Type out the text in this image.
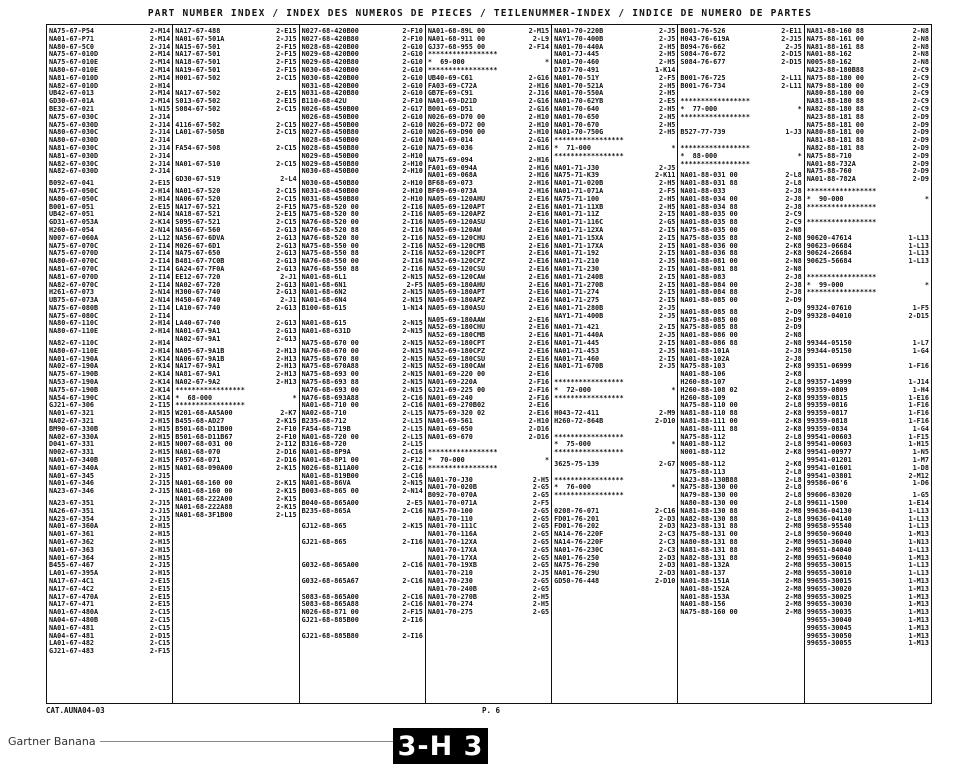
PART NUMBER INDEX / INDEX DES NUMEROS DE PIECES / TEILENUMMER-INDEX / INDICE DE NUMERO DE PARTES
NA75-67-P54	2-M14
NA01-67-P71	2-M14
NA80-67-5C0	2-J14
NA75-67-010D	2-M14
NA75-67-010E	2-M14
NA80-67-010E	2-M14
NA81-67-010D	2-M14
NA82-67-010D	2-H14
UB42-67-013	2-M14
GD30-67-01A	2-M14
BE32-67-021	1-N15
NA75-67-030C	2-J14
NA75-67-030D	2-J14
NA80-67-030C	2-J14
NA80-67-030D	2-J14
NA81-67-030C	2-J14
NA81-67-030D	2-J14
NA82-67-030C	2-J14
NA82-67-030D	2-J14
B092-67-041	2-E15
NA75-67-050C	2-H14
NA80-67-050C	2-H14
B001-67-051	2-E15
UB42-67-051	2-N14
GD31-67-053A	2-K14
H260-67-054	2-N14
N007-67-060A	2-L12
NA75-67-070C	2-I14
NA75-67-070D	2-I14
NA80-67-070C	2-I14
NA81-67-070C	2-I14
NA81-67-070D	2-I14
NA82-67-070C	2-I14
H261-67-073	2-N14
UB75-67-073A	2-N14
NA75-67-080B	2-I14
NA75-67-080C	2-I14
NA80-67-110C	2-H14
NA80-67-110E	2-H14
NA82-67-110C	2-H14
NA80-67-110E	2-H14
NA01-67-190A	2-K14
NA02-67-190A	2-K14
NA75-67-190B	2-K14
NA53-67-190A	2-K14
NA75-67-190B	2-K14
NA54-67-190C	2-K14
GJ21-67-306	2-I15
NA01-67-321	2-H15
NA02-67-321	2-H15
BM90-67-330B	2-H15
NA02-67-330A	2-H15
D041-67-331	2-H15
N002-67-331	2-H15
NA01-67-340B	2-H15
NA01-67-340A	2-H15
NA01-67-345	2-J15
NA01-67-346	2-J15
NA23-67-346	2-J15
NA23-67-351	2-J15
NA26-67-351	2-J15
NA23-67-354	2-J15
NA01-67-360A	2-H15
NA01-67-361	2-H15
NA01-67-362	2-H15
NA01-67-363	2-H15
NA01-67-364	2-H15
B455-67-467	2-J15
LA01-67-395A	2-H15
NA17-67-4C1	2-E15
NA17-67-4C2	2-E15
NA17-67-470A	2-E15
NA17-67-471	2-E15
NA01-67-480A	2-C15
NA04-67-480B	2-C15
NA01-67-481	2-C15
NA04-67-481	2-D15
LA01-67-482	2-C15
GJ21-67-483	2-F15
NA17-67-488	2-E15
NA01-67-501A	2-J15
NA15-67-501	2-F15
NA17-67-501	2-F15
NA18-67-501	2-F15
NA19-67-501	2-F15
H001-67-502	2-C15

NA17-67-502	2-E15
S013-67-502	2-E15
S084-67-502	2-C15

4116-67-502	2-C15
LA01-67-505B	2-C15

FA54-67-508	2-C15

NA01-67-510	2-C15

GD30-67-519	2-L4
NA01-67-520	2-C15
NA06-67-520	2-C15
NA17-67-521	2-F15
NA18-67-521	2-E15
S095-67-521	2-C15
NA56-67-560	2-G13
NA56-67-6DVA	2-G13
M026-67-6D1	2-G13
NA75-67-650	2-G13
B481-67-7C0B	2-G13
GA24-67-7F0A	2-G13
EE12-67-720	2-J1
NA02-67-720	2-G13
H300-67-740	2-G13
H450-67-740	2-J1
LA10-67-740	2-G13

LA40-67-740	2-G13
NA01-67-9A1	2-G13
NA02-67-9A1	2-G13
NA05-67-9A1B	2-H13
NA06-67-9A1B	2-H13
NA17-67-9A1	2-H13
NA81-67-9A1	2-H13
NA02-67-9A2	2-H13
*****************
*  68-000	*
*****************
W201-68-AA5A00	2-K7
B455-68-AD27	2-K15
B501-68-D11B00	2-F10
B501-68-D11B67	2-F10
N007-68-031 00	2-I12
NA01-68-070	2-D16
F057-68-071	2-D16
NA01-68-090A00	2-K15

NA01-68-160 00	2-K15
NA01-68-160 00	2-K15
NA01-68-222A00	2-K15
NA01-68-222A88	2-K15
NA01-68-3F1B00	2-L15
N027-68-420B00	2-F10
N027-68-420B80	2-F10
N028-68-420B00	2-G10
N029-68-420B00	2-G10
N029-68-420B80	2-G10
N030-68-420B00	2-G10
N030-68-420B00	2-G10
N031-68-420B00	2-G10
N031-68-420B80	2-G10
B110-68-42U	2-F10
N026-68-450B00	2-G17
N026-68-450B00	2-G10
N027-68-450B00	2-G10
N027-68-450B80	2-G10
N028-68-450B00	2-G10
N028-68-450B80	2-G10
N029-68-450B00	2-H10
N029-68-450B80	2-H10
N030-68-450B00	2-H10
N030-68-450B80	2-H10
N031-68-450B00	2-H10
N031-68-450B80	2-H10
NA75-68-520 00	2-I16
NA75-68-520 80	2-I16
NA76-68-520 00	2-I16
NA76-68-520 88	2-I16
NA76-68-520 80	2-I16
NA75-68-550 00	2-I16
NA75-68-550 88	2-I16
NA76-68-550 00	2-I16
NA76-68-550 88	2-I16
NA01-68-6L1	2-N15
NA01-68-6N1	2-F5
NA01-68-6N2	2-N15
NA01-68-6N4	2-N15
B100-68-615	1-N14

NA01-68-615	2-N15
NA01-68-631D	2-N15
NA75-68-670 00	2-N15
NA76-68-670 00	2-N15
NA75-68-670 80	2-N15
NA75-68-670A88	2-N15
NA75-68-693 00	2-N15
NA75-68-693 88	2-N15
NA76-68-693 00	2-N15
NA76-68-693A88	2-C16
NA01-68-710 00	2-C16
NA02-68-710	2-L15
B235-68-712	2-L15
FA54-68-719B	2-L15
NA01-68-720 00	2-L15
B316-68-720	2-L15
NA01-68-8P9A	2-C16
NA01-68-8P1 00	2-F12
N026-68-811A00	2-C16
NA01-68-819B00	2-C16
NA01-68-86VA	2-N15
B003-68-865 00	2-N14
B040-68-865A00	2-E5
B235-68-865A	2-C16

GJ12-68-865	2-K15

GJ21-68-865	2-I16

G032-68-865A00	2-C16

G032-68-865A67	2-C16

S083-68-865A00	2-C16
S083-68-865A88	2-C16
N026-68-871 00	2-F15
GJ21-68-885B00	2-I16

GJ21-68-885B80	2-I16

NA01-68-89L 00	2-M15
NA01-68-911 00	2-L9
GJ37-68-955 00	2-F14
*****************
*  69-000	*
*****************
UB40-69-C61	2-G16
FA03-69-C72A	2-H16
GB7E-69-C91	2-J16
NA01-69-D21D	2-G16
B001-69-D51	2-G16
N026-69-D70 00	2-H10
N026-69-D72 00	2-H10
N026-69-D90 00	2-H10
NA01-69-014	2-G16
NA75-69-036	2-H16
NA75-69-094	2-H16
FA01-69-094A	2-H16
NA01-69-068A	2-H16
BF68-69-073	2-H16
BF69-69-073A	2-H16
NA05-69-120AHU	2-E16
NA05-69-120APT	2-E16
NA05-69-120APZ	2-E16
NA05-69-120ASU	2-E16
NA05-69-120AW	2-E16
NA52-69-120CHU	2-E16
NA52-69-120CMB	2-E16
NA52-69-120CPT	2-E16
NA52-69-120CPZ	2-E16
NA52-69-120CSU	2-E16
NA52-69-120CAW	2-E16
NA05-69-180AHU	2-E16
NA05-69-180APT	2-E16
NA05-69-180APZ	2-E16
NA05-69-180ASU	2-E16
NA05-69-180AAW	2-E16
NA52-69-180CHU	2-E16
NA52-69-180CMB	2-E16
NA52-69-180CPT	2-E16
NA52-69-180CPZ	2-E16
NA52-69-180CSU	2-E16
NA52-69-180CAW	2-E16
NA01-69-220 00	2-E16
NA01-69-220A	2-F16
GJ21-69-225 00	2-F16
NA01-69-240	2-F16
NA01-69-270B02	2-E16
NA75-69-320 02	2-E16
NA01-69-561	2-H10
NA01-69-650	2-D16
NA01-69-670	2-D16

*****************
*  70-000	*
*****************
NA01-70-J30	2-H5
NA01-70-020B	2-G5
B092-70-070A	2-G5
NA01-70-071A	2-F5
NA75-70-100	2-G5
NA01-70-110	2-G5
NA01-70-111C	2-G5
NA01-70-116A	2-G5
NA01-70-12XA	2-G5
NA01-70-17XA	2-G5
NA01-70-17XA	2-G5
NA01-70-19XB	2-G5
NA01-70-210	2-J5
NA01-70-230	2-G5
NA01-70-240B	2-G5
NA01-70-270B	2-H5
NA01-70-274	2-H5
NA01-70-275	2-G5
NA01-70-220B	2-J5
NAY1-70-400B	2-J5
NA01-70-440A	2-H5
NA01-7J-445	2-H5
NA01-70-460	2-H5
D187-70-491	1-K14
NA01-70-51Y	2-F5
NA01-70-521A	2-H5
NA01-70-550A	2-H5
NA01-70-62YB	2-E5
NA01-70-640	2-H5
NA01-70-650	2-H5
NA01-70-670	2-H5
NA01-70-750G	2-H5
*****************
*  71-000	*
*****************
NA01-71-J30	2-J5
NA75-71-K39	2-K11
NA01-71-020B	2-H5
NA01-71-071A	2-F5
NA75-71-100	2-H5
NA01-71-11XB	2-H5
NA01-71-11Z	2-I5
NA01-71-116C	2-G5
NA01-71-12XA	2-I5
NA01-71-15XA	2-I5
NA01-71-17XA	2-I5
NA01-71-192	2-I5
NA01-71-210	2-J5
NA01-71-230	2-I5
NA01-71-240B	2-I5
NA01-71-270B	2-I5
NA01-71-274	2-I5
NA01-71-275	2-I5
NA01-71-280B	2-J5
NAY1-71-400B	2-J5
NA01-71-421	2-I5
NA01-71-440A	2-J5
NA01-71-445	2-I5
NA01-71-453	2-J5
NA01-71-460	2-I5
NA01-71-670B	2-J5

*****************
*  72-000	*
*****************

H043-72-411	2-M9
H260-72-864B	2-D10

*****************
*  75-000	*
*****************
3625-75-139	2-G7

*****************
*  76-000	*
*****************

0208-76-071	2-C16
FD01-76-201	2-D3
FD01-76-202	2-D3
NA14-76-220F	2-C3
NA14-76-220F	2-C3
NA01-76-230C	2-C3
NA01-76-250	2-D3
NA75-76-290	2-D3
NA01-76-29U	2-D3
GD50-76-448	2-D10
B001-76-526	2-E11
H043-76-619A	2-J15
B094-76-662	2-J5
S084-76-672	2-D15
S084-76-677	2-D15

B001-76-725	2-L11
B001-76-734	2-L11

*****************
*  77-000	*
*****************

B527-77-739	1-J3

*****************
*  88-000	*
*****************
NA01-88-031 00	2-L8
NA01-88-031 88	2-L8
NA01-88-033	2-J8
NA01-88-034 00	2-J8
NA01-88-034 88	2-J8
NA01-88-035 00	2-C9
NA01-88-035 88	2-C9
NA75-88-035 00	2-N8
NA75-88-035 88	2-N8
NA01-88-036 00	2-K8
NA01-88-036 88	2-K8
NA01-88-081 00	2-N8
NA01-88-081 88	2-N8
NA01-88-083	2-J8
NA01-88-084 00	2-J8
NA01-88-084 88	2-J8
NA01-88-085 00	2-D9
NA01-88-085 88	2-D9
NA75-88-085 00	2-D9
NA75-88-085 88	2-D9
NA01-88-086 00	2-N8
NA01-88-086 88	2-N8
NA01-88-101A	2-J8
NA01-88-102A	2-J8
NA75-88-103	2-K8
NA01-88-106	2-K8
H260-88-107	2-L8
H260-88-108 02	2-K8
H260-88-109	2-K8
NA75-88-110 00	2-L8
NA81-88-110 88	2-K8
NA81-88-111 00	2-K8
NA81-88-111 88	2-K8
NA75-88-112	2-L8
NA01-88-112	2-L8
N001-88-112	2-K8
N005-88-112	2-K8
NA75-88-113	2-L8
NA23-88-130B88	2-L8
NA75-88-130 00	2-L8
NA79-88-130 00	2-L8
NA80-88-130 00	2-L8
NA81-88-130 88	2-M8
NA82-88-130 88	2-L8
NA23-88-131 88	2-M8
NA75-88-131 00	2-L8
NA80-88-131 88	2-M8
NA81-88-131 88	2-M8
NA82-88-131 88	2-M8
NA01-88-132A	2-M8
NA01-88-137	2-M8
NA01-88-151A	2-M8
NA01-88-152A	2-M8
NA01-88-153A	2-M8
NA01-88-156	2-M8
NA75-88-160 00	2-M8
NA81-88-160 88	2-N8
NA75-88-161 00	2-N8
NA81-88-161 88	2-N8
NA01-88-162	2-N8
N005-88-162	2-N8
NA23-88-180B88	2-C9
NA75-88-180 00	2-C9
NA79-88-180 00	2-C9
NA80-88-180 00	2-C9
NA81-88-180 88	2-C9
NA82-88-180 88	2-C9
NA23-88-181 88	2-D9
NA75-88-181 00	2-D9
NA80-88-181 00	2-D9
NA81-88-181 88	2-D9
NA82-88-181 88	2-D9
NA75-88-710	2-D9
NA01-88-732A	2-D9
NA75-88-760	2-D9
NA01-88-782A	2-D9
*****************
*  90-000	*
*****************

*****************

90620-47614	1-L13
90623-06684	1-L13
90624-26684	1-L13
90625-56684	1-L13

*****************
*  99-000	*
*****************

99324-07610	1-F5
99328-04010	2-D15

99344-05150	1-L7
99344-05150	1-G4

99351-06999	1-F16

99357-14999	1-J14
99359-0809	1-H4
99359-0815	1-E16
99359-0816	1-F16
99359-0817	1-F16
99359-0818	1-F16
99359-0834	1-G4
99541-00603	1-F15
99541-00603	1-H15
99541-00977	1-N5
99541-01201	1-M7
99541-01601	1-D8
99541-03801	2-M12
99586-06‘6	1-D6
99606-83020	1-G5
99611-1500	1-E14
99636-04130	1-L13
99636-04140	1-L13
99658-95540	1-L13
99650-96040	1-M13
99651-36040	1-N13
99651-84040	1-L13
99651-96040	1-M13
99655-30015	1-L13
99655-30010	1-L13
99655-30015	1-M13
99655-30020	1-M13
99655-30025	1-M13
99655-30030	1-M13
99655-30035	1-M13
99655-30040	1-M13
99655-30045	1-M13
99655-30050	1-M13
99655-30055	1-M13
CAT.AUNA04-03	P. 6
Gartner Banana	3-H 3
